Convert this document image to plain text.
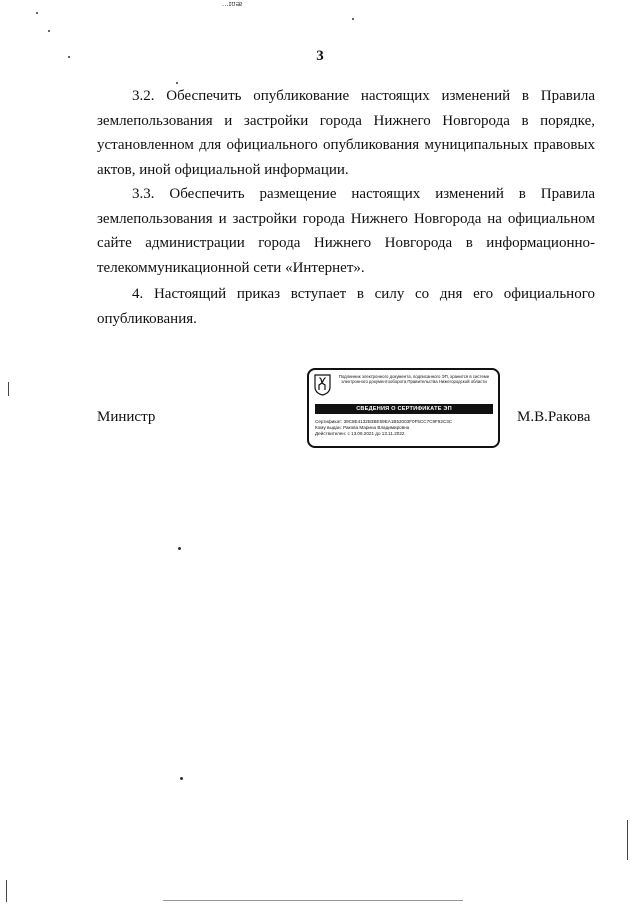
...ɪʊᴂ
3

3.2. Обеспечить опубликование настоящих изменений в Правила землепользования и застройки города Нижнего Новгорода в порядке, установленном для официального опубликования муниципальных правовых актов, иной официальной информации.

3.3. Обеспечить размещение настоящих изменений в Правила землепользования и застройки города Нижнего Новгорода на официальном сайте администрации города Нижнего Новгорода в информационно-телекоммуникационной сети «Интернет».

4. Настоящий приказ вступает в силу со дня его официального опубликования.

Министр
Подлинник электронного документа, подписанного ЭП, хранится в системе электронного документооборота Правительства Нижегородской области
СВЕДЕНИЯ О СЕРТИФИКАТЕ ЭП
Сертификат: 39C8E4132B3BE59EA1B52003F0F5CC7C9F92C3C
Кому выдан: Ракова Марина Владимировна
Действителен: с 13.08.2021 до 13.11.2022
М.В.Ракова
